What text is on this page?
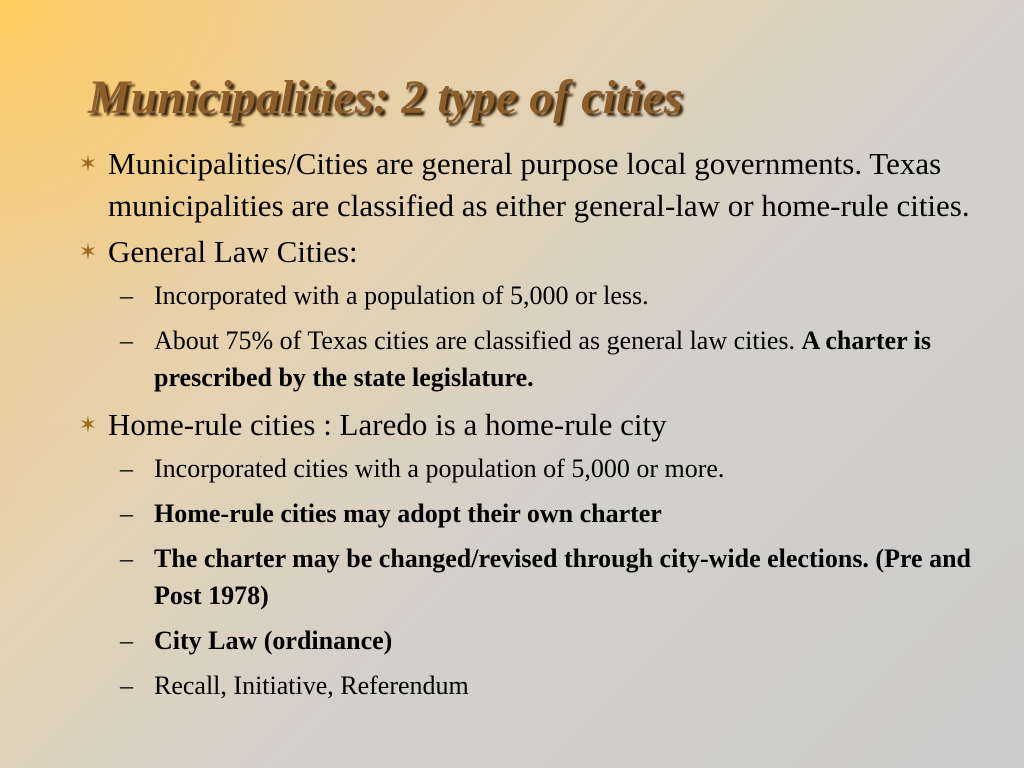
Municipalities: 2 type of cities
✶ Municipalities/Cities are general purpose local governments. Texas municipalities are classified as either general-law or home-rule cities.
✶ General Law Cities:
– Incorporated with a population of 5,000 or less.
– About 75% of Texas cities are classified as general law cities. A charter is prescribed by the state legislature.
✶ Home-rule cities : Laredo is a home-rule city
– Incorporated cities with a population of 5,000 or more.
– Home-rule cities may adopt their own charter
– The charter may be changed/revised through city-wide elections. (Pre and Post 1978)
– City Law (ordinance)
– Recall, Initiative, Referendum
